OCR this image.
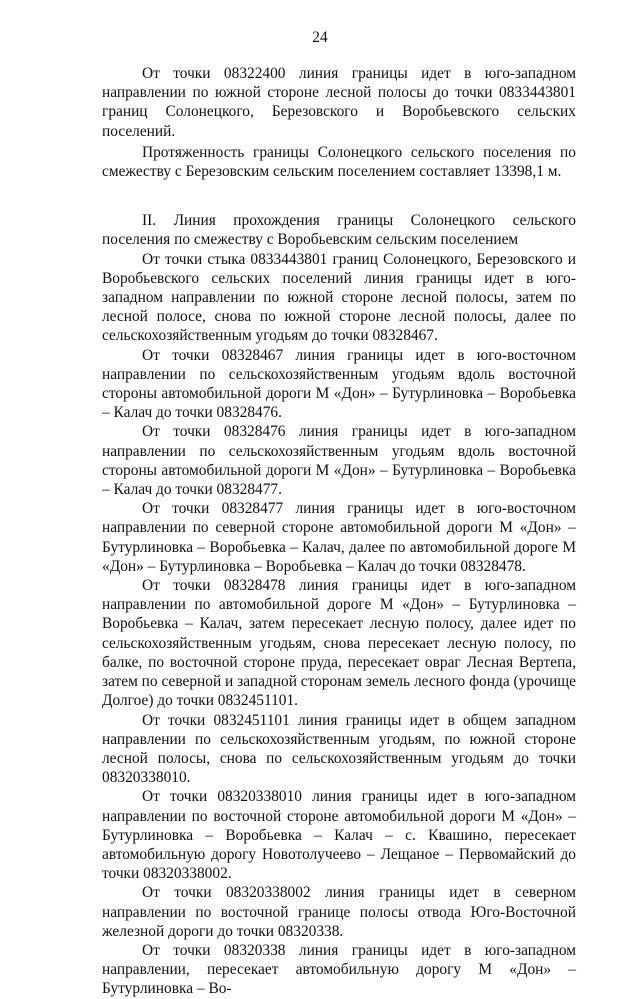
24

От точки 08322400 линия границы идет в юго-западном направлении по южной стороне лесной полосы до точки 0833443801 границ Солонецкого, Березовского и Воробьевского сельских поселений.

Протяженность границы Солонецкого сельского поселения по смежеству с Березовским сельским поселением составляет 13398,1 м.

II. Линия прохождения границы Солонецкого сельского поселения по смежеству с Воробьевским сельским поселением

От точки стыка 0833443801 границ Солонецкого, Березовского и Воробьевского сельских поселений линия границы идет в юго-западном направлении по южной стороне лесной полосы, затем по лесной полосе, снова по южной стороне лесной полосы, далее по сельскохозяйственным угодьям до точки 08328467.

От точки 08328467 линия границы идет в юго-восточном направлении по сельскохозяйственным угодьям вдоль восточной стороны автомобильной дороги М «Дон» – Бутурлиновка – Воробьевка – Калач до точки 08328476.

От точки 08328476 линия границы идет в юго-западном направлении по сельскохозяйственным угодьям вдоль восточной стороны автомобильной дороги М «Дон» – Бутурлиновка – Воробьевка – Калач до точки 08328477.

От точки 08328477 линия границы идет в юго-восточном направлении по северной стороне автомобильной дороги М «Дон» – Бутурлиновка – Воробьевка – Калач, далее по автомобильной дороге М «Дон» – Бутурлиновка – Воробьевка – Калач до точки 08328478.

От точки 08328478 линия границы идет в юго-западном направлении по автомобильной дороге М «Дон» – Бутурлиновка – Воробьевка – Калач, затем пересекает лесную полосу, далее идет по сельскохозяйственным угодьям, снова пересекает лесную полосу, по балке, по восточной стороне пруда, пересекает овраг Лесная Вертепа, затем по северной и западной сторонам земель лесного фонда (урочище Долгое) до точки 0832451101.

От точки 0832451101 линия границы идет в общем западном направлении по сельскохозяйственным угодьям, по южной стороне лесной полосы, снова по сельскохозяйственным угодьям до точки 08320338010.

От точки 08320338010 линия границы идет в юго-западном направлении по восточной стороне автомобильной дороги М «Дон» – Бутурлиновка – Воробьевка – Калач – с. Квашино, пересекает автомобильную дорогу Новотолучеево – Лещаное – Первомайский до точки 08320338002.

От точки 08320338002 линия границы идет в северном направлении по восточной границе полосы отвода Юго-Восточной железной дороги до точки 08320338.

От точки 08320338 линия границы идет в юго-западном направлении, пересекает автомобильную дорогу М «Дон» – Бутурлиновка – Во-
